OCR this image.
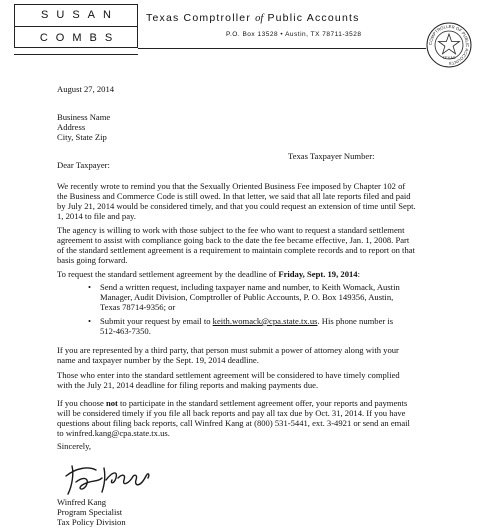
SUSAN
COMBS
Texas Comptroller of Public Accounts
P.O. Box 13528 • Austin, TX 78711-3528
COMPTROLLER OF PUBLIC ACCOUNTS
TEXAS
August 27, 2014
Business Name
Address
City, State Zip
Texas Taxpayer Number:
Dear Taxpayer:
We recently wrote to remind you that the Sexually Oriented Business Fee imposed by Chapter 102 of
the Business and Commerce Code is still owed. In that letter, we said that all late reports filed and paid
by July 21, 2014 would be considered timely, and that you could request an extension of time until Sept.
1, 2014 to file and pay.
The agency is willing to work with those subject to the fee who want to request a standard settlement
agreement to assist with compliance going back to the date the fee became effective, Jan. 1, 2008. Part
of the standard settlement agreement is a requirement to maintain complete records and to report on that
basis going forward.
To request the standard settlement agreement by the deadline of Friday, Sept. 19, 2014:
• Send a written request, including taxpayer name and number, to Keith Womack, Austin
Manager, Audit Division, Comptroller of Public Accounts, P. O. Box 149356, Austin,
Texas 78714-9356; or
• Submit your request by email to keith.womack@cpa.state.tx.us. His phone number is
512-463-7350.
If you are represented by a third party, that person must submit a power of attorney along with your
name and taxpayer number by the Sept. 19, 2014 deadline.
Those who enter into the standard settlement agreement will be considered to have timely complied
with the July 21, 2014 deadline for filing reports and making payments due.
If you choose not to participate in the standard settlement agreement offer, your reports and payments
will be considered timely if you file all back reports and pay all tax due by Oct. 31, 2014. If you have
questions about filing back reports, call Winfred Kang at (800) 531-5441, ext. 3-4921 or send an email
to winfred.kang@cpa.state.tx.us.
Sincerely,
Winfred Kang
Program Specialist
Tax Policy Division
